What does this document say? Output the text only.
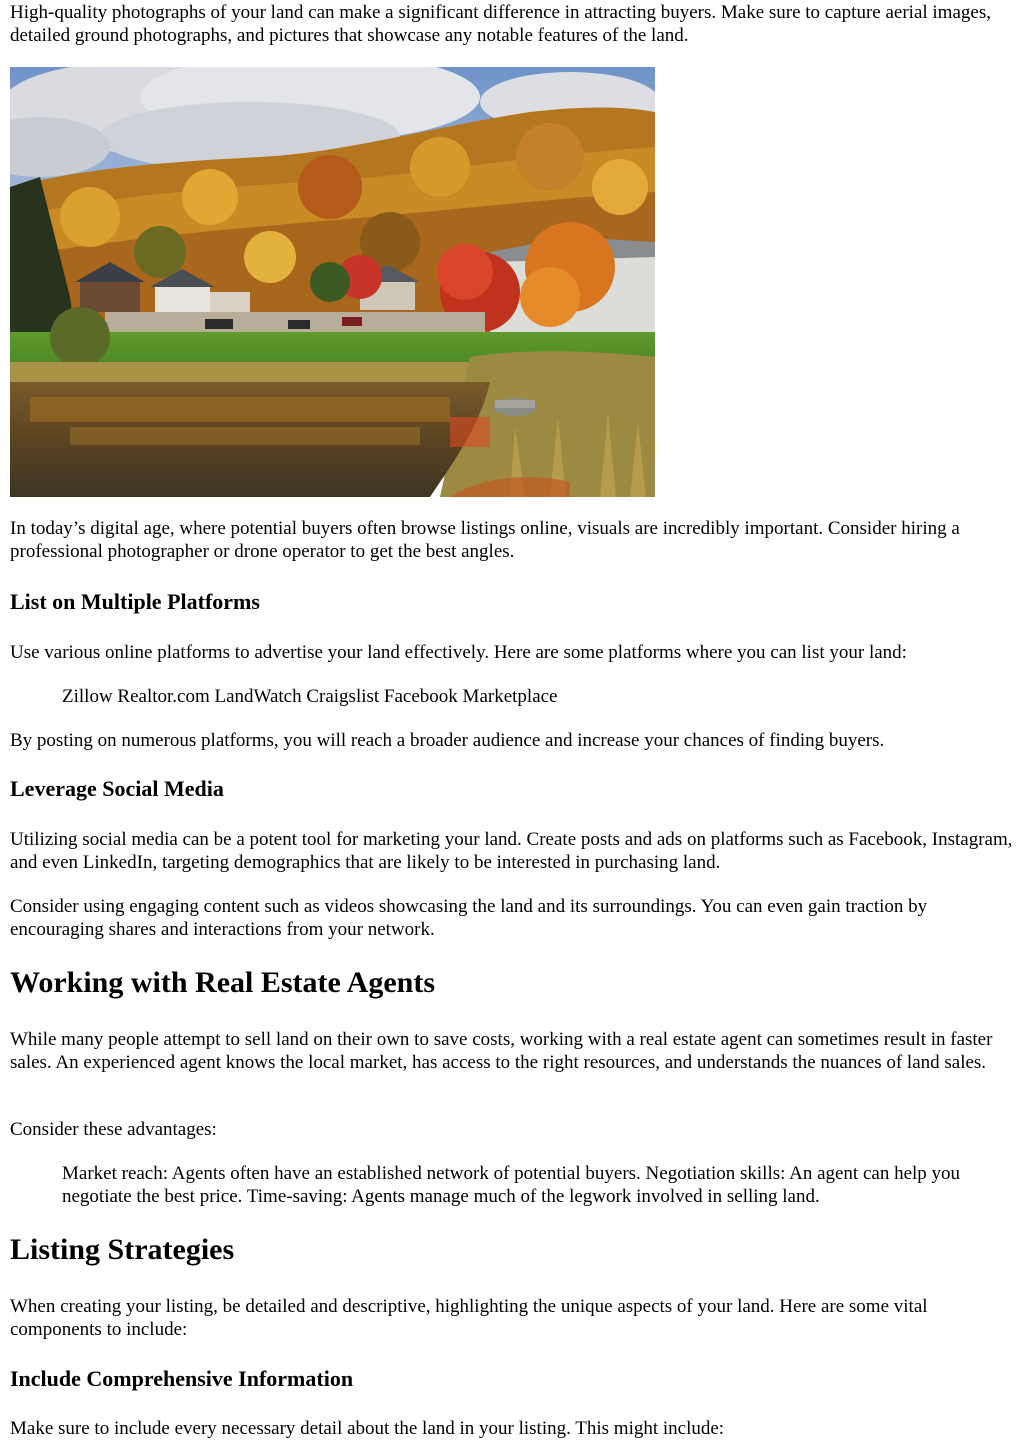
High-quality photographs of your land can make a significant difference in attracting buyers. Make sure to capture aerial images, detailed ground photographs, and pictures that showcase any notable features of the land.

In today’s digital age, where potential buyers often browse listings online, visuals are incredibly important. Consider hiring a professional photographer or drone operator to get the best angles.

List on Multiple Platforms

Use various online platforms to advertise your land effectively. Here are some platforms where you can list your land:

Zillow Realtor.com LandWatch Craigslist Facebook Marketplace

By posting on numerous platforms, you will reach a broader audience and increase your chances of finding buyers.

Leverage Social Media

Utilizing social media can be a potent tool for marketing your land. Create posts and ads on platforms such as Facebook, Instagram, and even LinkedIn, targeting demographics that are likely to be interested in purchasing land.

Consider using engaging content such as videos showcasing the land and its surroundings. You can even gain traction by encouraging shares and interactions from your network.

Working with Real Estate Agents

While many people attempt to sell land on their own to save costs, working with a real estate agent can sometimes result in faster sales. An experienced agent knows the local market, has access to the right resources, and understands the nuances of land sales.

Consider these advantages:

Market reach: Agents often have an established network of potential buyers. Negotiation skills: An agent can help you negotiate the best price. Time-saving: Agents manage much of the legwork involved in selling land.

Listing Strategies

When creating your listing, be detailed and descriptive, highlighting the unique aspects of your land. Here are some vital components to include:

Include Comprehensive Information

Make sure to include every necessary detail about the land in your listing. This might include:
